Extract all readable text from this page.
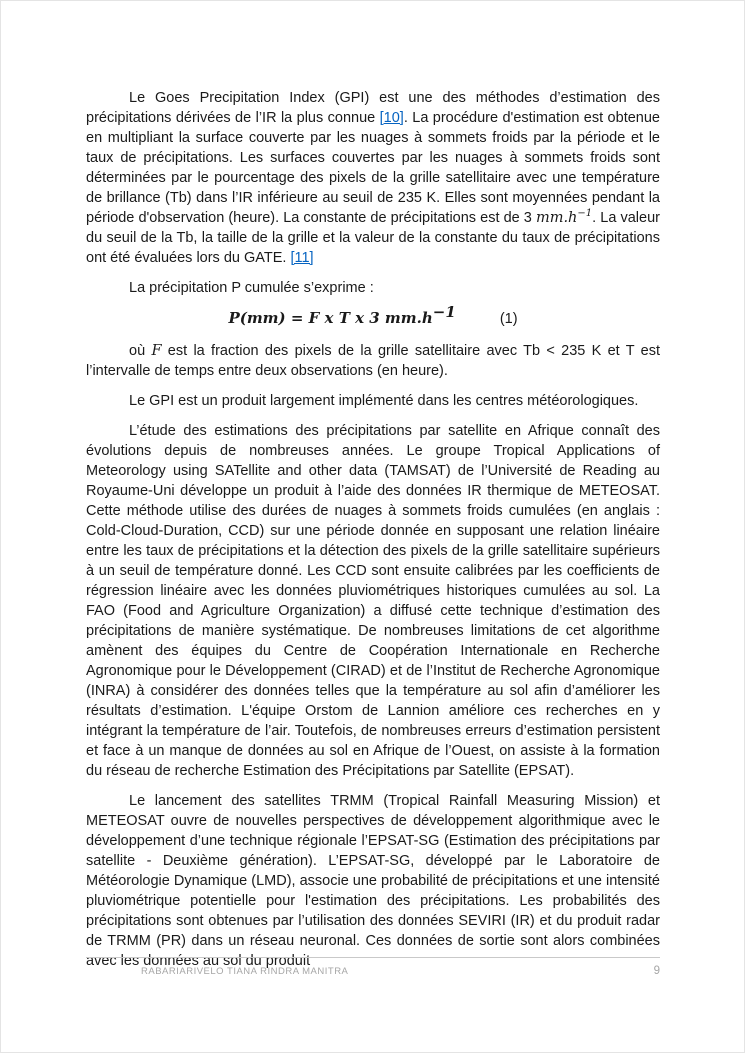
Le Goes Precipitation Index (GPI) est une des méthodes d’estimation des précipitations dérivées de l’IR la plus connue [10]. La procédure d'estimation est obtenue en multipliant la surface couverte par les nuages à sommets froids par la période et le taux de précipitations. Les surfaces couvertes par les nuages à sommets froids sont déterminées par le pourcentage des pixels de la grille satellitaire avec une température de brillance (Tb) dans l’IR inférieure au seuil de 235 K. Elles sont moyennées pendant la période d'observation (heure). La constante de précipitations est de 3 $mm.h^{-1}$. La valeur du seuil de la Tb, la taille de la grille et la valeur de la constante du taux de précipitations ont été évaluées lors du GATE. [11]

La précipitation P cumulée s’exprime :

P(mm) = F x T x 3 $mm.h^{-1}$	(1)

où F est la fraction des pixels de la grille satellitaire avec Tb < 235 K et T est l’intervalle de temps entre deux observations (en heure).

Le GPI est un produit largement implémenté dans les centres météorologiques.

L’étude des estimations des précipitations par satellite en Afrique connaît des évolutions depuis de nombreuses années. Le groupe Tropical Applications of Meteorology using SATellite and other data (TAMSAT) de l’Université de Reading au Royaume-Uni développe un produit à l’aide des données IR thermique de METEOSAT. Cette méthode utilise des durées de nuages à sommets froids cumulées (en anglais : Cold-Cloud-Duration, CCD) sur une période donnée en supposant une relation linéaire entre les taux de précipitations et la détection des pixels de la grille satellitaire supérieurs à un seuil de température donné. Les CCD sont ensuite calibrées par les coefficients de régression linéaire avec les données pluviométriques historiques cumulées au sol. La FAO (Food and Agriculture Organization) a diffusé cette technique d’estimation des précipitations de manière systématique. De nombreuses limitations de cet algorithme amènent des équipes du Centre de Coopération Internationale en Recherche Agronomique pour le Développement (CIRAD) et de l’Institut de Recherche Agronomique (INRA) à considérer des données telles que la température au sol afin d’améliorer les résultats d’estimation. L'équipe Orstom de Lannion améliore ces recherches en y intégrant la température de l’air. Toutefois, de nombreuses erreurs d’estimation persistent et face à un manque de données au sol en Afrique de l’Ouest, on assiste à la formation du réseau de recherche Estimation des Précipitations par Satellite (EPSAT).

Le lancement des satellites TRMM (Tropical Rainfall Measuring Mission) et METEOSAT ouvre de nouvelles perspectives de développement algorithmique avec le développement d’une technique régionale l’EPSAT-SG (Estimation des précipitations par satellite - Deuxième génération). L’EPSAT-SG, développé par le Laboratoire de Météorologie Dynamique (LMD), associe une probabilité de précipitations et une intensité pluviométrique potentielle pour l'estimation des précipitations. Les probabilités des précipitations sont obtenues par l’utilisation des données SEVIRI (IR) et du produit radar de TRMM (PR) dans un réseau neuronal. Ces données de sortie sont alors combinées avec les données au sol du produit

RABARIARIVELO TIANA RINDRA MANITRA	9
